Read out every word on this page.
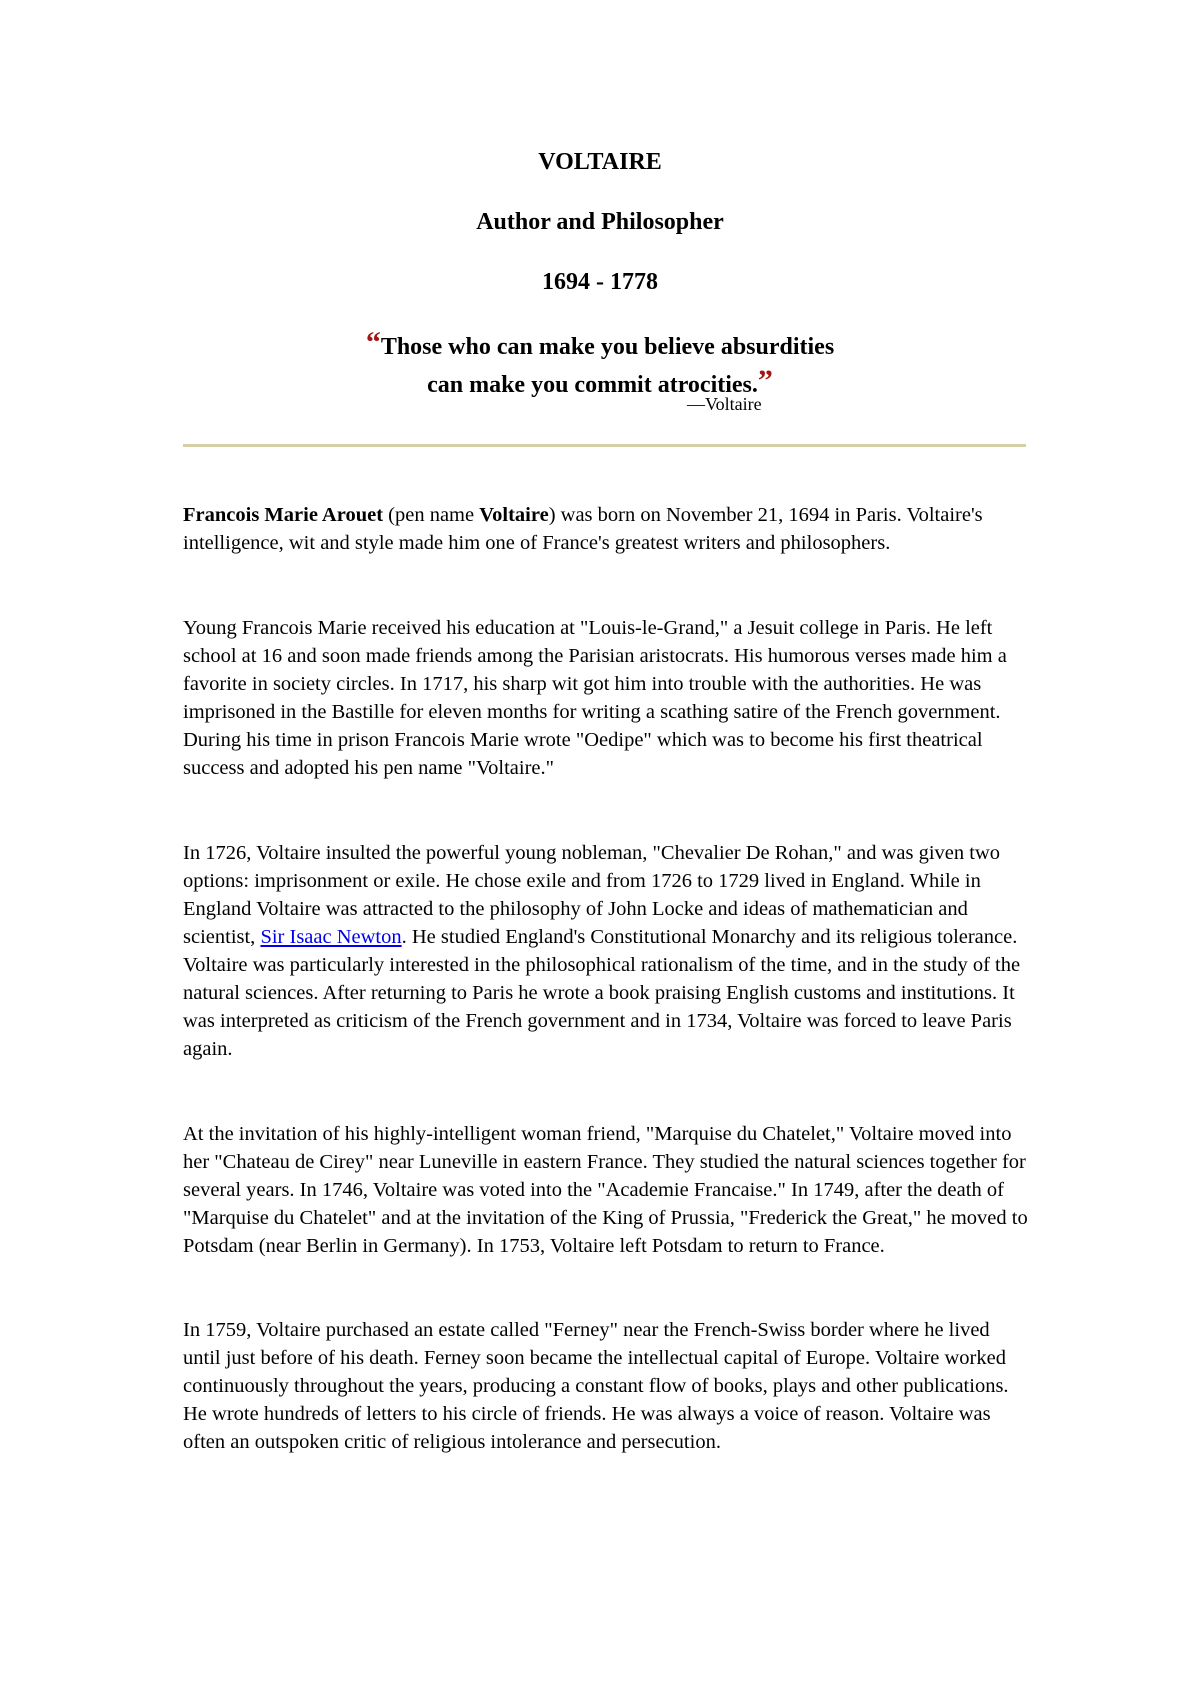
VOLTAIRE
Author and Philosopher
1694 - 1778
“Those who can make you believe absurdities
can make you commit atrocities.”
—Voltaire
Francois Marie Arouet (pen name Voltaire) was born on November 21, 1694 in Paris. Voltaire's intelligence, wit and style made him one of France's greatest writers and philosophers.
Young Francois Marie received his education at "Louis-le-Grand," a Jesuit college in Paris. He left school at 16 and soon made friends among the Parisian aristocrats. His humorous verses made him a favorite in society circles. In 1717, his sharp wit got him into trouble with the authorities. He was imprisoned in the Bastille for eleven months for writing a scathing satire of the French government. During his time in prison Francois Marie wrote "Oedipe" which was to become his first theatrical success and adopted his pen name "Voltaire."
In 1726, Voltaire insulted the powerful young nobleman, "Chevalier De Rohan," and was given two options: imprisonment or exile. He chose exile and from 1726 to 1729 lived in England. While in England Voltaire was attracted to the philosophy of John Locke and ideas of mathematician and scientist, Sir Isaac Newton. He studied England's Constitutional Monarchy and its religious tolerance. Voltaire was particularly interested in the philosophical rationalism of the time, and in the study of the natural sciences. After returning to Paris he wrote a book praising English customs and institutions. It was interpreted as criticism of the French government and in 1734, Voltaire was forced to leave Paris again.
At the invitation of his highly-intelligent woman friend, "Marquise du Chatelet," Voltaire moved into her "Chateau de Cirey" near Luneville in eastern France. They studied the natural sciences together for several years. In 1746, Voltaire was voted into the "Academie Francaise." In 1749, after the death of "Marquise du Chatelet" and at the invitation of the King of Prussia, "Frederick the Great," he moved to Potsdam (near Berlin in Germany). In 1753, Voltaire left Potsdam to return to France.
In 1759, Voltaire purchased an estate called "Ferney" near the French-Swiss border where he lived until just before of his death. Ferney soon became the intellectual capital of Europe. Voltaire worked continuously throughout the years, producing a constant flow of books, plays and other publications. He wrote hundreds of letters to his circle of friends. He was always a voice of reason. Voltaire was often an outspoken critic of religious intolerance and persecution.
